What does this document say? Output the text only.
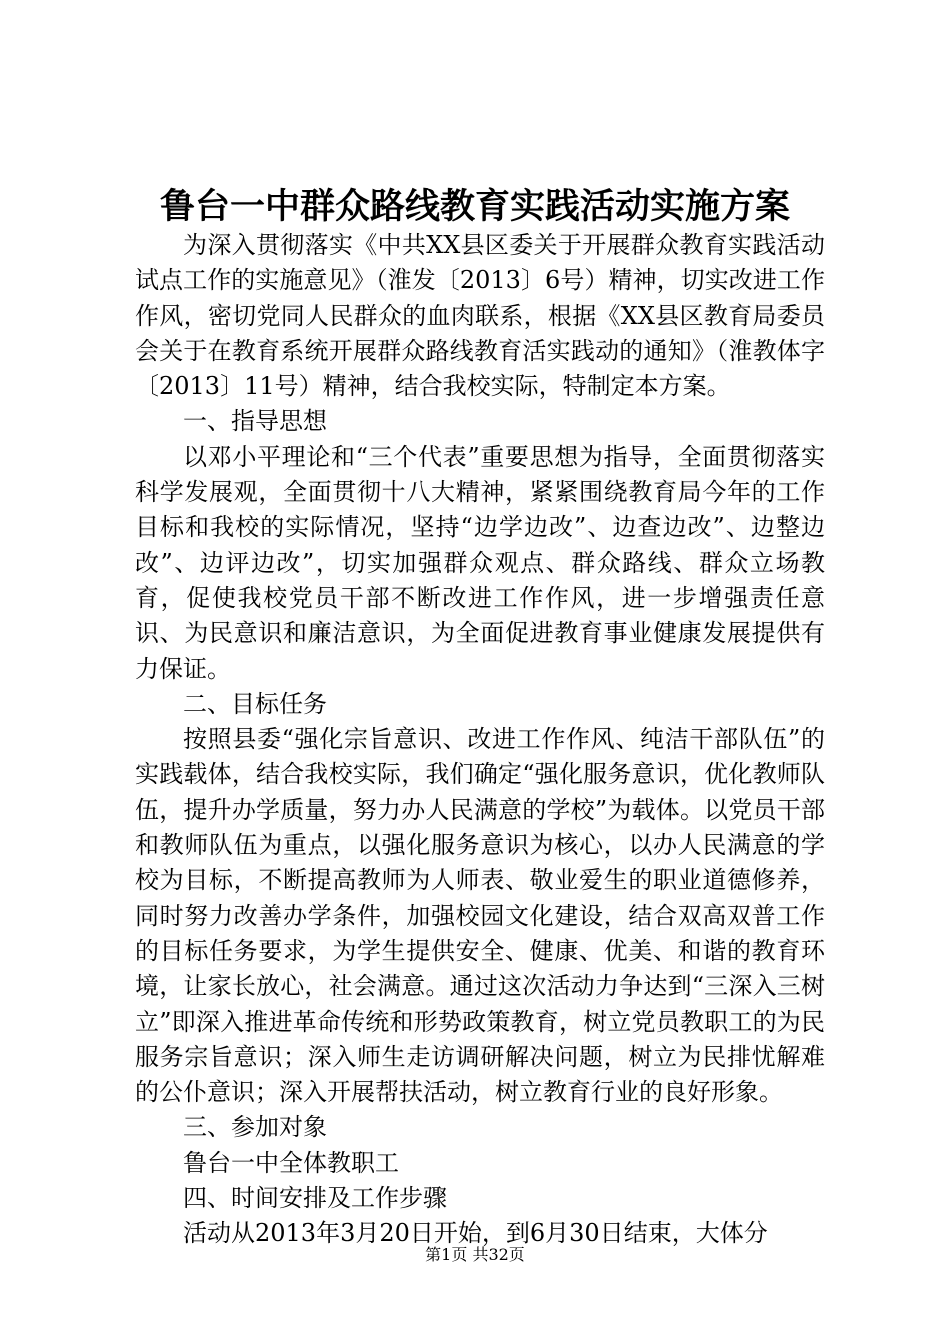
鲁台一中群众路线教育实践活动实施方案

为深入贯彻落实《中共XX县区委关于开展群众教育实践活动试点工作的实施意见》（淮发〔2013〕6号）精神，切实改进工作作风，密切党同人民群众的血肉联系，根据《XX县区教育局委员会关于在教育系统开展群众路线教育活实践动的通知》（淮教体字〔2013〕11号）精神，结合我校实际，特制定本方案。

一、指导思想

以邓小平理论和“三个代表”重要思想为指导，全面贯彻落实科学发展观，全面贯彻十八大精神，紧紧围绕教育局今年的工作目标和我校的实际情况，坚持“边学边改”、边查边改”、边整边改”、边评边改”，切实加强群众观点、群众路线、群众立场教育，促使我校党员干部不断改进工作作风，进一步增强责任意识、为民意识和廉洁意识，为全面促进教育事业健康发展提供有力保证。

二、目标任务

按照县委“强化宗旨意识、改进工作作风、纯洁干部队伍”的实践载体，结合我校实际，我们确定“强化服务意识，优化教师队伍，提升办学质量，努力办人民满意的学校”为载体。以党员干部和教师队伍为重点，以强化服务意识为核心，以办人民满意的学校为目标，不断提高教师为人师表、敬业爱生的职业道德修养，同时努力改善办学条件，加强校园文化建设，结合双高双普工作的目标任务要求，为学生提供安全、健康、优美、和谐的教育环境，让家长放心，社会满意。通过这次活动力争达到“三深入三树立”即深入推进革命传统和形势政策教育，树立党员教职工的为民服务宗旨意识；深入师生走访调研解决问题，树立为民排忧解难的公仆意识；深入开展帮扶活动，树立教育行业的良好形象。

三、参加对象

鲁台一中全体教职工

四、时间安排及工作步骤

活动从2013年3月20日开始，到6月30日结束，大体分

第1页 共32页
